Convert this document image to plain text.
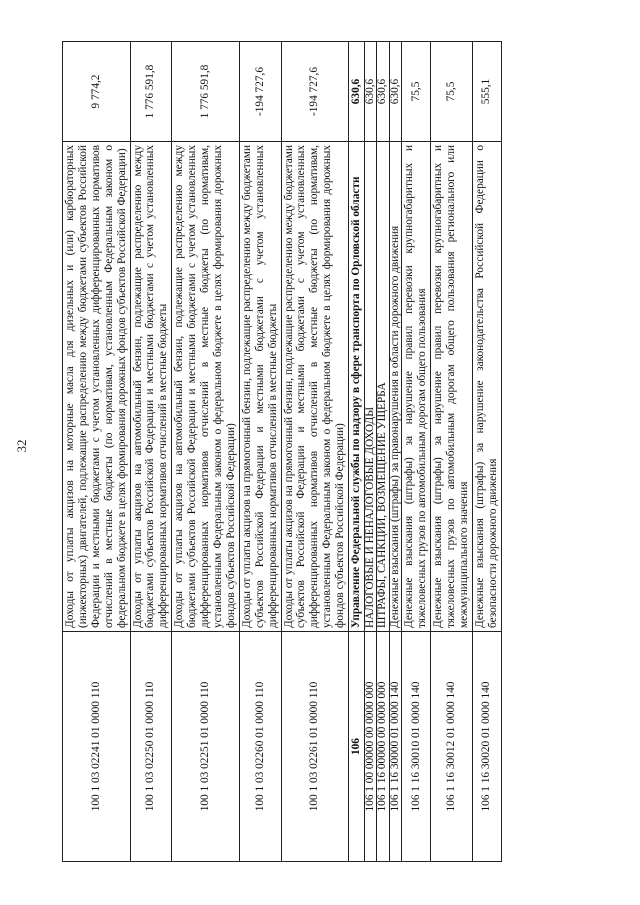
32
100 1 03 02241 01 0000 110	Доходы от уплаты акцизов на моторные масла для дизельных и (или) карбюраторных (инжекторных) двигателей, подлежащие распределению между бюджетами субъектов Российской Федерации и местными бюджетами с учетом установленных дифференцированных нормативов отчислений в местные бюджеты (по нормативам, установленным Федеральным законом о федеральном бюджете в целях формирования дорожных фондов субъектов Российской Федерации)	9 774,2
100 1 03 02250 01 0000 110	Доходы от уплаты акцизов на автомобильный бензин, подлежащие распределению между бюджетами субъектов Российской Федерации и местными бюджетами с учетом установленных дифференцированных нормативов отчислений в местные бюджеты	1 776 591,8
100 1 03 02251 01 0000 110	Доходы от уплаты акцизов на автомобильный бензин, подлежащие распределению между бюджетами субъектов Российской Федерации и местными бюджетами с учетом установленных дифференцированных нормативов отчислений в местные бюджеты (по нормативам, установленным Федеральным законом о федеральном бюджете в целях формирования дорожных фондов субъектов Российской Федерации)	1 776 591,8
100 1 03 02260 01 0000 110	Доходы от уплаты акцизов на прямогонный бензин, подлежащие распределению между бюджетами субъектов Российской Федерации и местными бюджетами с учетом установленных дифференцированных нормативов отчислений в местные бюджеты	-194 727,6
100 1 03 02261 01 0000 110	Доходы от уплаты акцизов на прямогонный бензин, подлежащие распределению между бюджетами субъектов Российской Федерации и местными бюджетами с учетом установленных дифференцированных нормативов отчислений в местные бюджеты (по нормативам, установленным Федеральным законом о федеральном бюджете в целях формирования дорожных фондов субъектов Российской Федерации)	-194 727,6
106	Управление Федеральной службы по надзору в сфере транспорта по Орловской области	630,6
106 1 00 00000 00 0000 000	НАЛОГОВЫЕ И НЕНАЛОГОВЫЕ ДОХОДЫ	630,6
106 1 16 00000 00 0000 000	ШТРАФЫ, САНКЦИИ, ВОЗМЕЩЕНИЕ УЩЕРБА	630,6
106 1 16 30000 01 0000 140	Денежные взыскания (штрафы) за правонарушения в области дорожного движения	630,6
106 1 16 30010 01 0000 140	Денежные взыскания (штрафы) за нарушение правил перевозки крупногабаритных и тяжеловесных грузов по автомобильным дорогам общего пользования	75,5
106 1 16 30012 01 0000 140	Денежные взыскания (штрафы) за нарушение правил перевозки крупногабаритных и тяжеловесных грузов по автомобильным дорогам общего пользования регионального или межмуниципального значения	75,5
106 1 16 30020 01 0000 140	Денежные взыскания (штрафы) за нарушение законодательства Российской Федерации о безопасности дорожного движения	555,1
